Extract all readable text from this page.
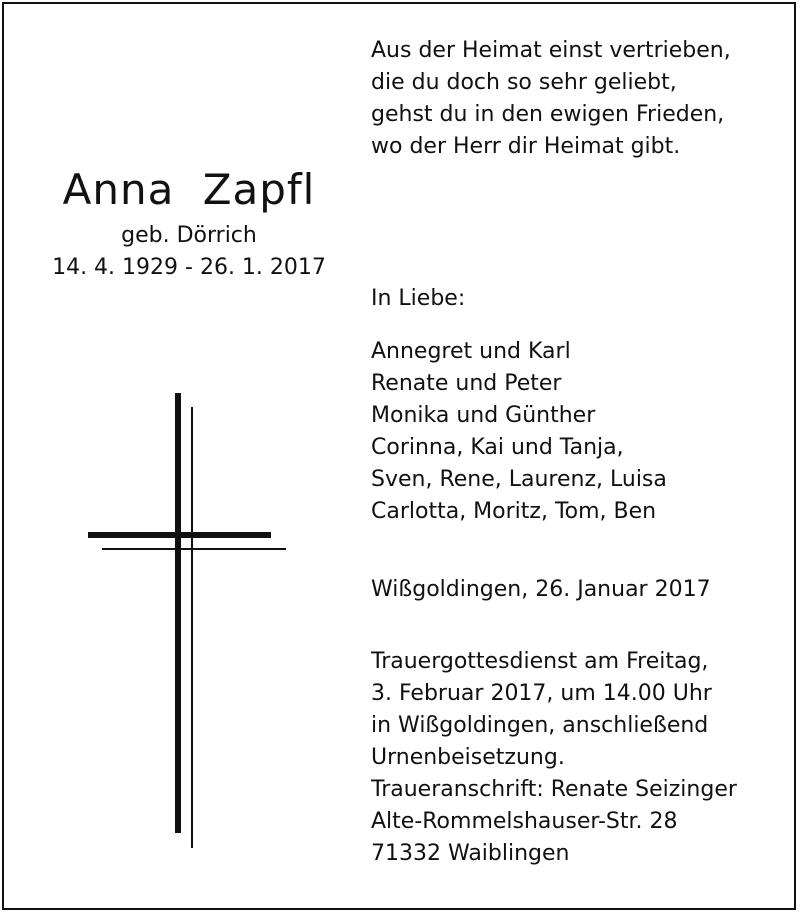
Anna Zapfl
geb. Dörrich
14. 4. 1929 - 26. 1. 2017
Aus der Heimat einst vertrieben,
die du doch so sehr geliebt,
gehst du in den ewigen Frieden,
wo der Herr dir Heimat gibt.
In Liebe:
Annegret und Karl
Renate und Peter
Monika und Günther
Corinna, Kai und Tanja,
Sven, Rene, Laurenz, Luisa
Carlotta, Moritz, Tom, Ben
Wißgoldingen, 26. Januar 2017
Trauergottesdienst am Freitag,
3. Februar 2017, um 14.00 Uhr
in Wißgoldingen, anschließend
Urnenbeisetzung.
Traueranschrift: Renate Seizinger
Alte-Rommelshauser-Str. 28
71332 Waiblingen
